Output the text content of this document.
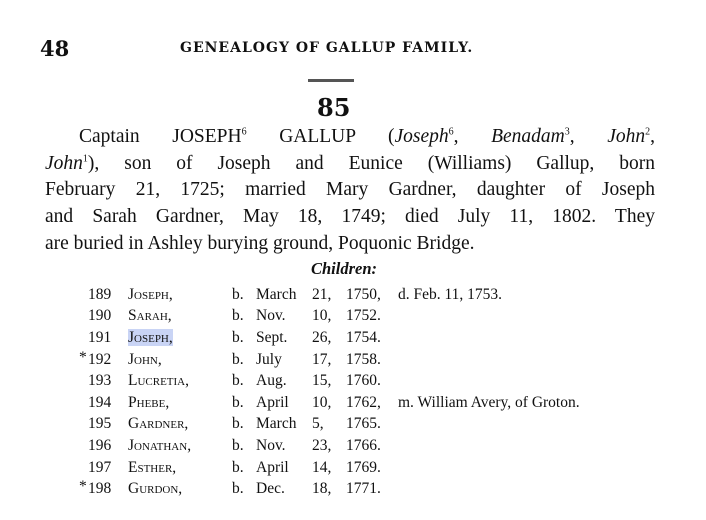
48	GENEALOGY OF GALLUP FAMILY.
85
Captain JOSEPH$^6$ GALLUP (Joseph$^6$, Benadam$^3$, John$^2$,
John$^1$), son of Joseph and Eunice (Williams) Gallup, born
February 21, 1725; married Mary Gardner, daughter of Joseph
and Sarah Gardner, May 18, 1749; died July 11, 1802. They
are buried in Ashley burying ground, Poquonic Bridge.
Children:
189	Joseph,	b.	March	21,	1750,	d. Feb. 11, 1753.

190	Sarah,	b.	Nov.	10,	1752.	

191	Joseph,	b.	Sept.	26,	1754.	

* 192	John,	b.	July	17,	1758.	

193	Lucretia,	b.	Aug.	15,	1760.	

194	Phebe,	b.	April	10,	1762,	m. William Avery, of Groton.

195	Gardner,	b.	March	5,	1765.	

196	Jonathan,	b.	Nov.	23,	1766.	

197	Esther,	b.	April	14,	1769.	

* 198	Gurdon,	b.	Dec.	18,	1771.	
